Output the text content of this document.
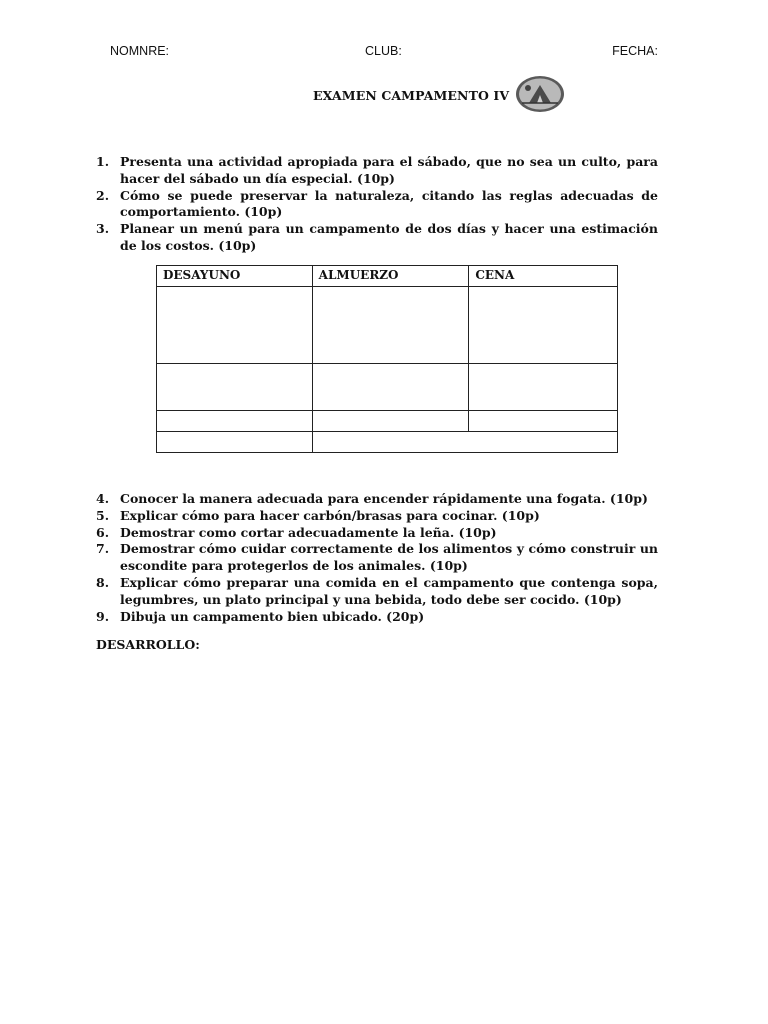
NOMNRE:	CLUB:	FECHA:
EXAMEN CAMPAMENTO IV
1. Presenta una actividad apropiada para el sábado, que no sea un culto, para hacer del sábado un día especial. (10p)
2. Cómo se puede preservar la naturaleza, citando las reglas adecuadas de comportamiento. (10p)
3. Planear un menú para un campamento de dos días y hacer una estimación de los costos. (10p)
DESAYUNO	ALMUERZO	CENA

4. Conocer la manera adecuada para encender rápidamente una fogata. (10p)
5. Explicar cómo para hacer carbón/brasas para cocinar. (10p)
6. Demostrar como cortar adecuadamente la leña. (10p)
7. Demostrar cómo cuidar correctamente de los alimentos y cómo construir un escondite para protegerlos de los animales. (10p)
8. Explicar cómo preparar una comida en el campamento que contenga sopa, legumbres, un plato principal y una bebida, todo debe ser cocido. (10p)
9. Dibuja un campamento bien ubicado. (20p)
DESARROLLO:
